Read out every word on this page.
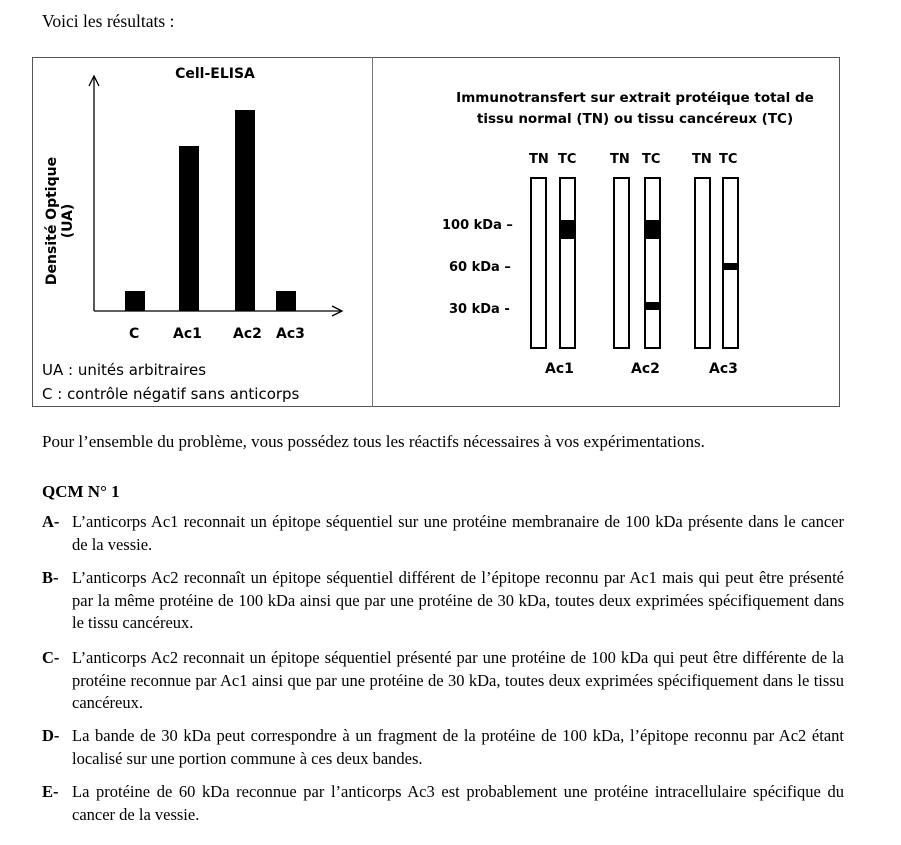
Voici les résultats :
Cell-ELISA
C Ac1 Ac2 Ac3
Densité Optique (UA)
UA : unités arbitraires
C : contrôle négatif sans anticorps
Immunotransfert sur extrait protéique total de
tissu normal (TN) ou tissu cancéreux (TC)
TN TC	TN TC TN TC
100 kDa –
60 kDa –
30 kDa -
Ac1	Ac2	Ac3
Pour l’ensemble du problème, vous possédez tous les réactifs nécessaires à vos expérimentations.
QCM N° 1
A- L’anticorps Ac1 reconnait un épitope séquentiel sur une protéine membranaire de 100 kDa présente dans le cancer de la vessie.
B- L’anticorps Ac2 reconnaît un épitope séquentiel différent de l’épitope reconnu par Ac1 mais qui peut être présenté par la même protéine de 100 kDa ainsi que par une protéine de 30 kDa, toutes deux exprimées spécifiquement dans le tissu cancéreux.
C- L’anticorps Ac2 reconnait un épitope séquentiel présenté par une protéine de 100 kDa qui peut être différente de la protéine reconnue par Ac1 ainsi que par une protéine de 30 kDa, toutes deux exprimées spécifiquement dans le tissu cancéreux.
D- La bande de 30 kDa peut correspondre à un fragment de la protéine de 100 kDa, l’épitope reconnu par Ac2 étant localisé sur une portion commune à ces deux bandes.
E- La protéine de 60 kDa reconnue par l’anticorps Ac3 est probablement une protéine intracellulaire spécifique du cancer de la vessie.
